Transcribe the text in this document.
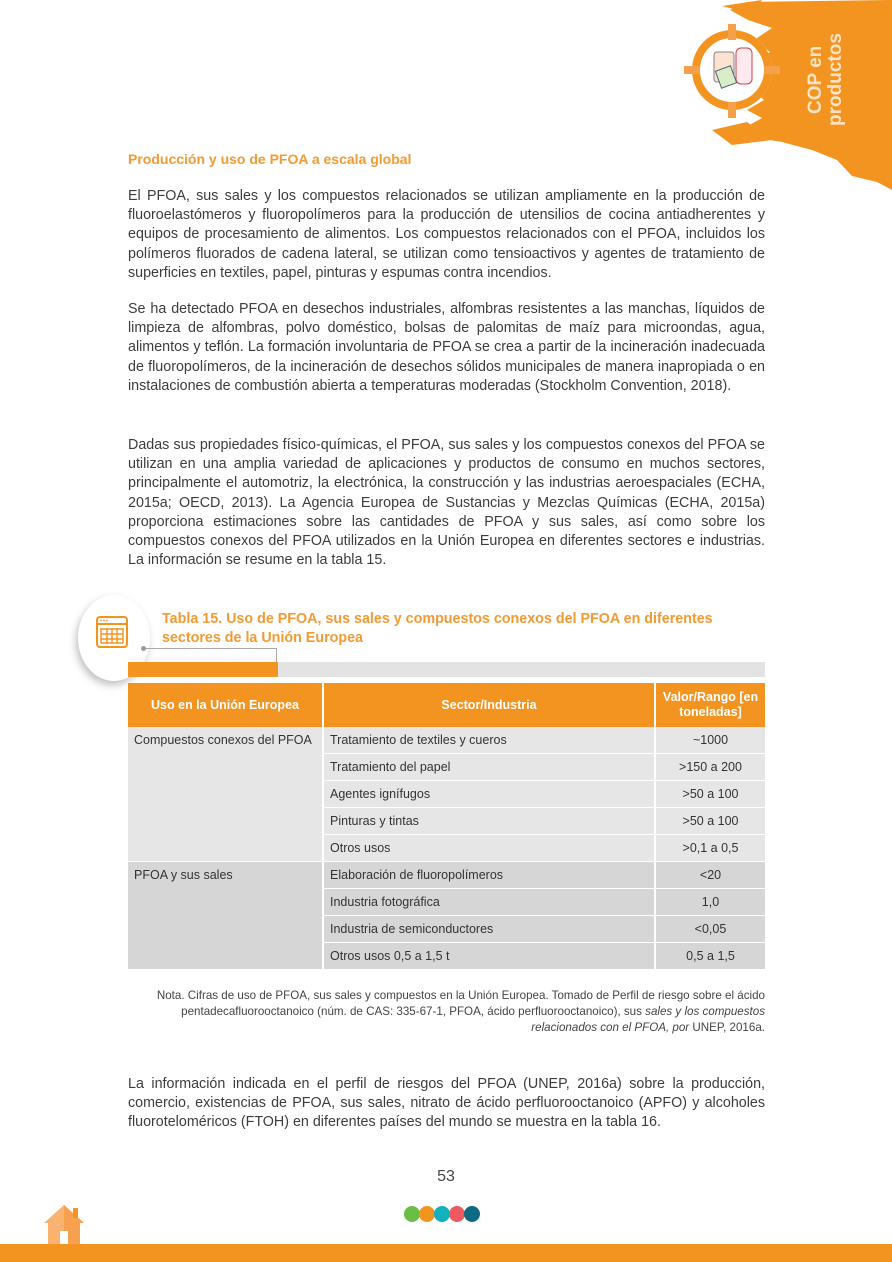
COP en productos
Producción y uso de PFOA a escala global

El PFOA, sus sales y los compuestos relacionados se utilizan ampliamente en la producción de fluoroelastómeros y fluoropolímeros para la producción de utensilios de cocina antiadherentes y equipos de procesamiento de alimentos. Los compuestos relacionados con el PFOA, incluidos los polímeros fluorados de cadena lateral, se utilizan como tensioactivos y agentes de tratamiento de superficies en textiles, papel, pinturas y espumas contra incendios.

Se ha detectado PFOA en desechos industriales, alfombras resistentes a las manchas, líquidos de limpieza de alfombras, polvo doméstico, bolsas de palomitas de maíz para microondas, agua, alimentos y teflón. La formación involuntaria de PFOA se crea a partir de la incineración inadecuada de fluoropolímeros, de la incineración de desechos sólidos municipales de manera inapropiada o en instalaciones de combustión abierta a temperaturas moderadas (Stockholm Convention, 2018).

Dadas sus propiedades físico-químicas, el PFOA, sus sales y los compuestos conexos del PFOA se utilizan en una amplia variedad de aplicaciones y productos de consumo en muchos sectores, principalmente el automotriz, la electrónica, la construcción y las industrias aeroespaciales (ECHA, 2015a; OECD, 2013). La Agencia Europea de Sustancias y Mezclas Químicas (ECHA, 2015a) proporciona estimaciones sobre las cantidades de PFOA y sus sales, así como sobre los compuestos conexos del PFOA utilizados en la Unión Europea en diferentes sectores e industrias. La información se resume en la tabla 15.

Tabla 15. Uso de PFOA, sus sales y compuestos conexos del PFOA en diferentes sectores de la Unión Europea
Uso en la Unión Europea	Sector/Industria	Valor/Rango [en toneladas]
Compuestos conexos del PFOA	Tratamiento de textiles y cueros	~1000
	Tratamiento del papel	>150 a 200
	Agentes ignífugos	>50 a 100
	Pinturas y tintas	>50 a 100
	Otros usos	>0,1 a 0,5
PFOA y sus sales	Elaboración de fluoropolímeros	<20
	Industria fotográfica	1,0
	Industria de semiconductores	<0,05
	Otros usos 0,5 a 1,5 t	0,5 a 1,5
Nota. Cifras de uso de PFOA, sus sales y compuestos en la Unión Europea. Tomado de Perfil de riesgo sobre el ácido pentadecafluorooctanoico (núm. de CAS: 335-67-1, PFOA, ácido perfluorooctanoico), sus sales y los compuestos relacionados con el PFOA, por UNEP, 2016a.

La información indicada en el perfil de riesgos del PFOA (UNEP, 2016a) sobre la producción, comercio, existencias de PFOA, sus sales, nitrato de ácido perfluorooctanoico (APFO) y alcoholes fluorotelоméricos (FTOH) en diferentes países del mundo se muestra en la tabla 16.

53
